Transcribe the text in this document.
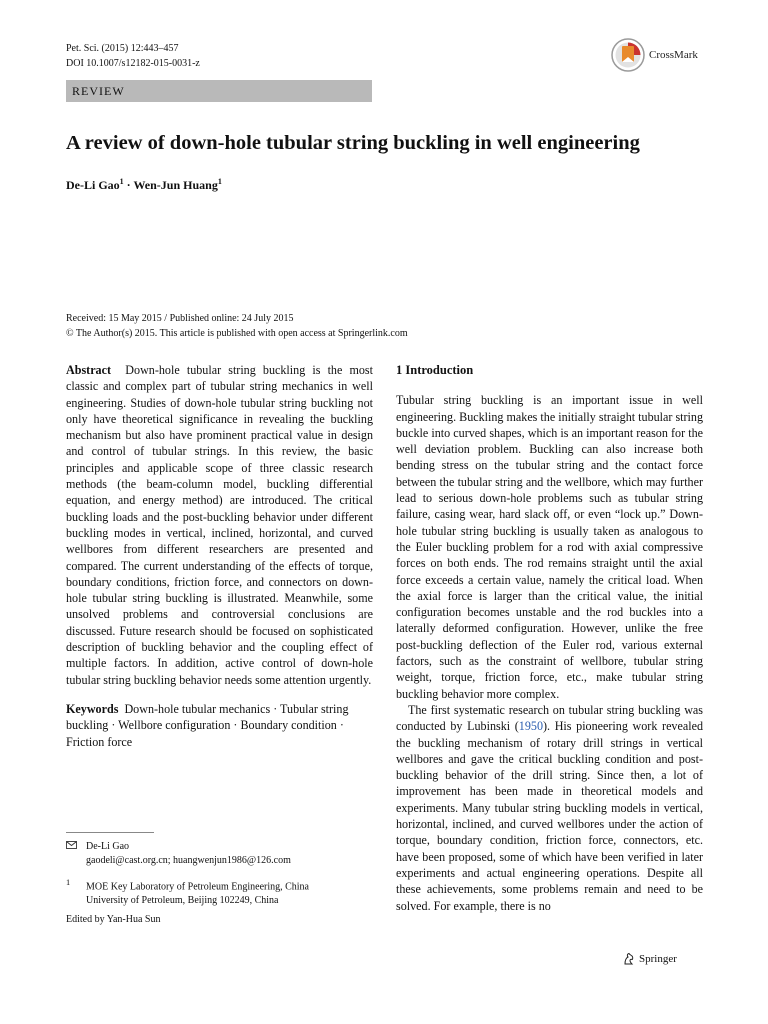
Pet. Sci. (2015) 12:443–457
DOI 10.1007/s12182-015-0031-z
CrossMark
REVIEW
A review of down-hole tubular string buckling in well engineering
De-Li Gao$^1$ · Wen-Jun Huang$^1$
Received: 15 May 2015 / Published online: 24 July 2015
© The Author(s) 2015. This article is published with open access at Springerlink.com

Abstract Down-hole tubular string buckling is the most classic and complex part of tubular string mechanics in well engineering. Studies of down-hole tubular string buckling not only have theoretical significance in revealing the buckling mechanism but also have prominent practical value in design and control of tubular strings. In this review, the basic principles and applicable scope of three classic research methods (the beam-column model, buckling differential equation, and energy method) are introduced. The critical buckling loads and the post-buckling behavior under different buckling modes in vertical, inclined, horizontal, and curved wellbores from different researchers are presented and compared. The current understanding of the effects of torque, boundary conditions, friction force, and connectors on down-hole tubular string buckling is illustrated. Meanwhile, some unsolved problems and controversial conclusions are discussed. Future research should be focused on sophisticated description of buckling behavior and the coupling effect of multiple factors. In addition, active control of down-hole tubular string buckling behavior needs some attention urgently.

Keywords Down-hole tubular mechanics · Tubular string buckling · Wellbore configuration · Boundary condition · Friction force

De-Li Gao
gaodeli@cast.org.cn; huangwenjun1986@126.com
$^1$ MOE Key Laboratory of Petroleum Engineering, China
University of Petroleum, Beijing 102249, China
Edited by Yan-Hua Sun

1 Introduction

Tubular string buckling is an important issue in well engineering. Buckling makes the initially straight tubular string buckle into curved shapes, which is an important reason for the well deviation problem. Buckling can also increase both bending stress on the tubular string and the contact force between the tubular string and the wellbore, which may further lead to serious down-hole problems such as tubular string failure, casing wear, hard slack off, or even “lock up.” Down-hole tubular string buckling is usually taken as analogous to the Euler buckling problem for a rod with axial compressive forces on both ends. The rod remains straight until the axial force exceeds a certain value, namely the critical load. When the axial force is larger than the critical value, the initial configuration becomes unstable and the rod buckles into a laterally deformed configuration. However, unlike the free post-buckling deflection of the Euler rod, various external factors, such as the constraint of wellbore, tubular string weight, torque, friction force, etc., make tubular string buckling behavior more complex.

The first systematic research on tubular string buckling was conducted by Lubinski (1950). His pioneering work revealed the buckling mechanism of rotary drill strings in vertical wellbores and gave the critical buckling condition and post-buckling behavior of the drill string. Since then, a lot of improvement has been made in theoretical models and experiments. Many tubular string buckling models in vertical, horizontal, inclined, and curved wellbores under the action of torque, boundary condition, friction force, connectors, etc. have been proposed, some of which have been verified in later experiments and actual engineering operations. Despite all these achievements, some problems remain and need to be solved. For example, there is no

Springer
